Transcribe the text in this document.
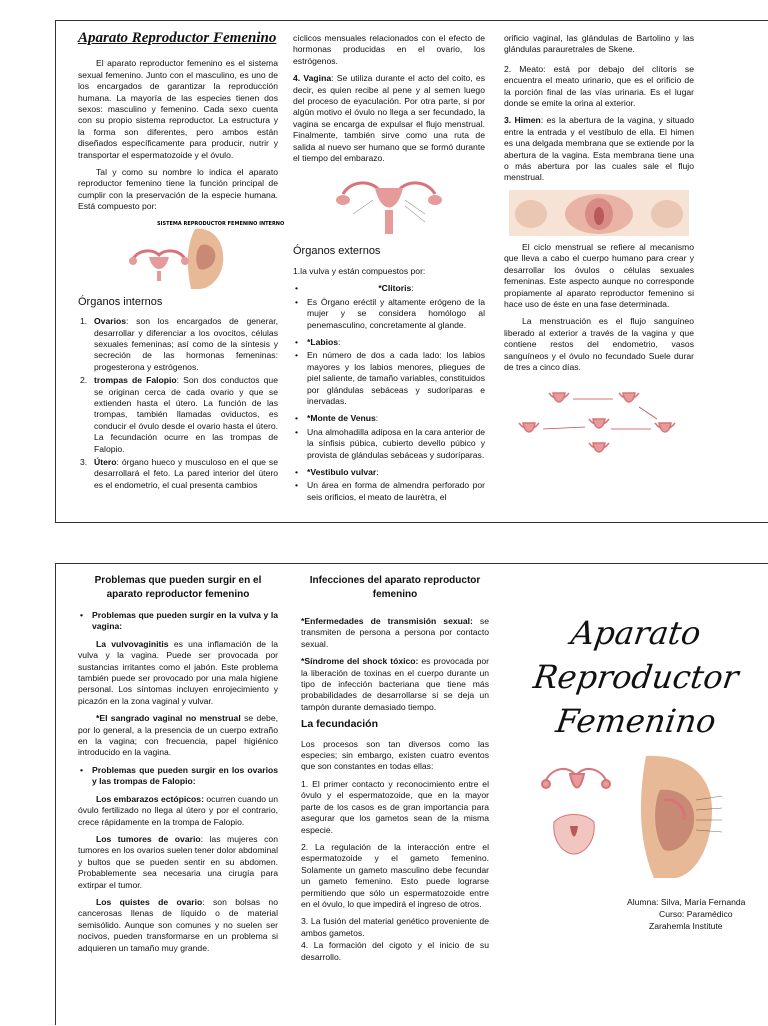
Aparato Reproductor Femenino
El aparato reproductor femenino es el sistema sexual femenino. Junto con el masculino, es uno de los encargados de garantizar la reproducción humana. La mayoría de las especies tienen dos sexos: masculino y femenino. Cada sexo cuenta con su propio sistema reproductor. La estructura y la forma son diferentes, pero ambos están diseñados específicamente para producir, nutrir y transportar el espermatozoide y el óvulo.
Tal y como su nombre lo indica el aparato reproductor femenino tiene la función principal de cumplir con la preservación de la especie humana. Está compuesto por:
SISTEMA REPRODUCTOR FEMENINO INTERNO
Órganos internos
1. Ovarios: son los encargados de generar, desarrollar y diferenciar a los ovocitos, células sexuales femeninas; así como de la síntesis y secreción de las hormonas femeninas: progesterona y estrógenos.
2. trompas de Falopio: Son dos conductos que se originan cerca de cada ovario y que se extienden hasta el útero. La función de las trompas, también llamadas oviductos, es conducir el óvulo desde el ovario hasta el útero. La fecundación ocurre en las trompas de Falopio.
3. Útero: órgano hueco y musculoso en el que se desarrollará el feto. La pared interior del útero es el endometrio, el cual presenta cambios
cíclicos mensuales relacionados con el efecto de hormonas producidas en el ovario, los estrógenos.
4. Vagina: Se utiliza durante el acto del coito, es decir, es quien recibe al pene y al semen luego del proceso de eyaculación. Por otra parte, si por algún motivo el óvulo no llega a ser fecundado, la vagina se encarga de expulsar el flujo menstrual. Finalmente, también sirve como una ruta de salida al nuevo ser humano que se formó durante el tiempo del embarazo.
Órganos externos
1.la vulva y están compuestos por:
• *Clitoris:
• Es Órgano eréctil y altamente erógeno de la mujer y se considera homólogo al penemasculino, concretamente al glande.
• *Labios:
• En número de dos a cada lado: los labios mayores y los labios menores, pliegues de piel saliente, de tamaño variables, constituidos por glándulas sebáceas y sudoríparas e inervadas.
• *Monte de Venus:
• Una almohadilla adiposa en la cara anterior de la sínfisis púbica, cubierto devello púbico y provista de glándulas sebáceas y sudoríparas.
• *Vestibulo vulvar:
• Un área en forma de almendra perforado por seis orificios, el meato de laurètra, el
orificio vaginal, las glándulas de Bartolino y las glándulas parauretrales de Skene.
2. Meato: está por debajo del clítoris se encuentra el meato urinario, que es el orificio de la porción final de las vías urinaria. Es el lugar donde se emite la orina al exterior.
3. Himen: es la abertura de la vagina, y situado entre la entrada y el vestíbulo de ella. El himen es una delgada membrana que se extiende por la abertura de la vagina. Esta membrana tiene una o más abertura por las cuales sale el flujo menstrual.
El ciclo menstrual se refiere al mecanismo que lleva a cabo el cuerpo humano para crear y desarrollar los óvulos o células sexuales femeninas. Este aspecto aunque no corresponde propiamente al aparato reproductor femenino si hace uso de éste en una fase determinada.
La menstruación es el flujo sanguíneo liberado al exterior a través de la vagina y que contiene restos del endometrio, vasos sanguíneos y el óvulo no fecundado Suele durar de tres a cinco días.
Problemas que pueden surgir en el aparato reproductor femenino
• Problemas que pueden surgir en la vulva y la vagina:
La vulvovaginitis es una inflamación de la vulva y la vagina. Puede ser provocada por sustancias irritantes como el jabón. Este problema también puede ser provocado por una mala higiene personal. Los síntomas incluyen enrojecimiento y picazón en la zona vaginal y vulvar.
*El sangrado vaginal no menstrual se debe, por lo general, a la presencia de un cuerpo extraño en la vagina; con frecuencia, papel higiénico introducido en la vagina.
• Problemas que pueden surgir en los ovarios y las trompas de Falopio:
Los embarazos ectópicos: ocurren cuando un óvulo fertilizado no llega al útero y por el contrario, crece rápidamente en la trompa de Falopio.
Los tumores de ovario: las mujeres con tumores en los ovarios suelen tener dolor abdominal y bultos que se pueden sentir en su abdomen. Probablemente sea necesaria una cirugía para extirpar el tumor.
Los quistes de ovario: son bolsas no cancerosas llenas de líquido o de material semisólido. Aunque son comunes y no suelen ser nocivos, pueden transformarse en un problema si adquieren un tamaño muy grande.
Infecciones del aparato reproductor femenino
*Enfermedades de transmisión sexual: se transmiten de persona a persona por contacto sexual.
*Síndrome del shock tóxico: es provocada por la liberación de toxinas en el cuerpo durante un tipo de infección bacteriana que tiene más probabilidades de desarrollarse si se deja un tampón durante demasiado tiempo.
La fecundación
Los procesos son tan diversos como las especies; sin embargo, existen cuatro eventos que son constantes en todas ellas:
1. El primer contacto y reconocimiento entre el óvulo y el espermatozoide, que en la mayor parte de los casos es de gran importancia para asegurar que los gametos sean de la misma especie.
2. La regulación de la interacción entre el espermatozoide y el gameto femenino. Solamente un gameto masculino debe fecundar un gameto femenino. Esto puede lograrse permitiendo que sólo un espermatozoide entre en el óvulo, lo que impedirá el ingreso de otros.
3. La fusión del material genético proveniente de ambos gametos.
4. La formación del cigoto y el inicio de su desarrollo.
Aparato
Reproductor
Femenino
Alumna: Silva, María Fernanda
Curso: Paramédico
Zarahemla Institute
